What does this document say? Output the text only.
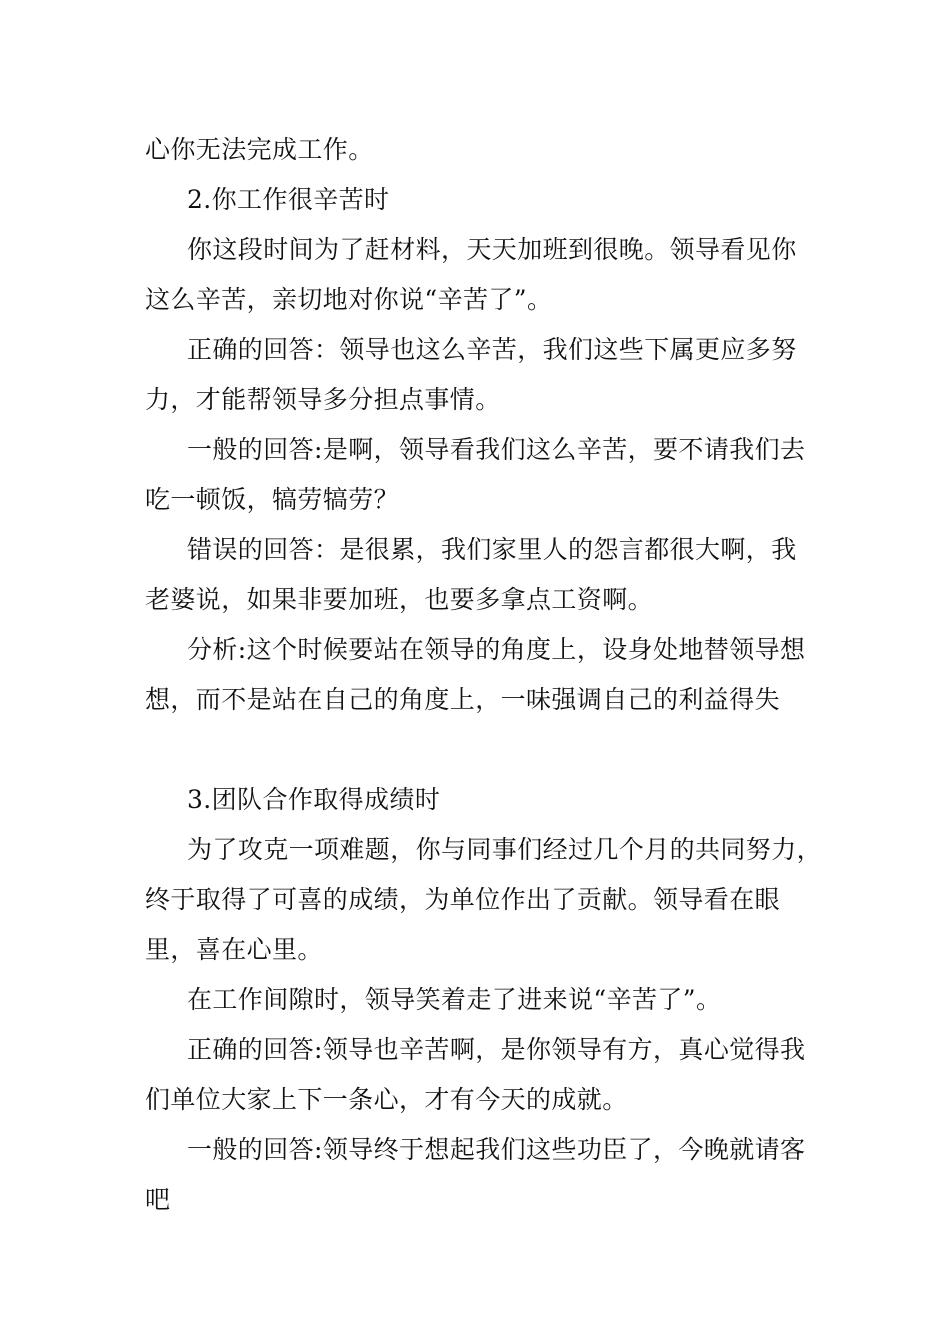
心你无法完成工作。
2.你工作很辛苦时
你这段时间为了赶材料，天天加班到很晚。领导看见你
这么辛苦，亲切地对你说“辛苦了”。
正确的回答：领导也这么辛苦，我们这些下属更应多努
力，才能帮领导多分担点事情。
一般的回答:是啊，领导看我们这么辛苦，要不请我们去
吃一顿饭，犒劳犒劳？
错误的回答：是很累，我们家里人的怨言都很大啊，我
老婆说，如果非要加班，也要多拿点工资啊。
分析:这个时候要站在领导的角度上，设身处地替领导想
想，而不是站在自己的角度上，一味强调自己的利益得失
3.团队合作取得成绩时
为了攻克一项难题，你与同事们经过几个月的共同努力，
终于取得了可喜的成绩，为单位作出了贡献。领导看在眼
里，喜在心里。
在工作间隙时，领导笑着走了进来说“辛苦了”。
正确的回答:领导也辛苦啊，是你领导有方，真心觉得我
们单位大家上下一条心，才有今天的成就。
一般的回答:领导终于想起我们这些功臣了，今晚就请客
吧
